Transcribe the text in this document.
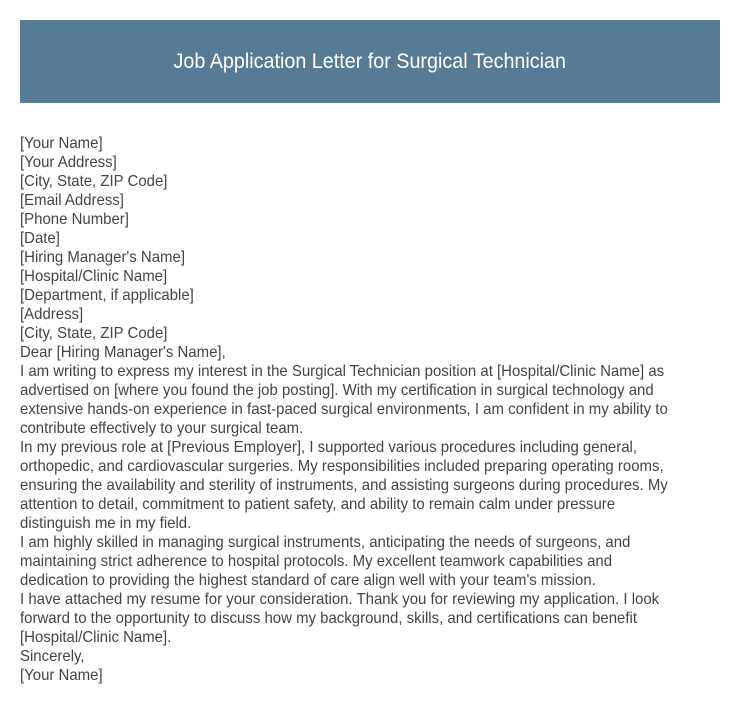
Job Application Letter for Surgical Technician
[Your Name]
[Your Address]
[City, State, ZIP Code]
[Email Address]
[Phone Number]
[Date]
[Hiring Manager's Name]
[Hospital/Clinic Name]
[Department, if applicable]
[Address]
[City, State, ZIP Code]
Dear [Hiring Manager's Name],
I am writing to express my interest in the Surgical Technician position at [Hospital/Clinic Name] as
advertised on [where you found the job posting]. With my certification in surgical technology and
extensive hands-on experience in fast-paced surgical environments, I am confident in my ability to
contribute effectively to your surgical team.
In my previous role at [Previous Employer], I supported various procedures including general,
orthopedic, and cardiovascular surgeries. My responsibilities included preparing operating rooms,
ensuring the availability and sterility of instruments, and assisting surgeons during procedures. My
attention to detail, commitment to patient safety, and ability to remain calm under pressure
distinguish me in my field.
I am highly skilled in managing surgical instruments, anticipating the needs of surgeons, and
maintaining strict adherence to hospital protocols. My excellent teamwork capabilities and
dedication to providing the highest standard of care align well with your team's mission.
I have attached my resume for your consideration. Thank you for reviewing my application. I look
forward to the opportunity to discuss how my background, skills, and certifications can benefit
[Hospital/Clinic Name].
Sincerely,
[Your Name]
